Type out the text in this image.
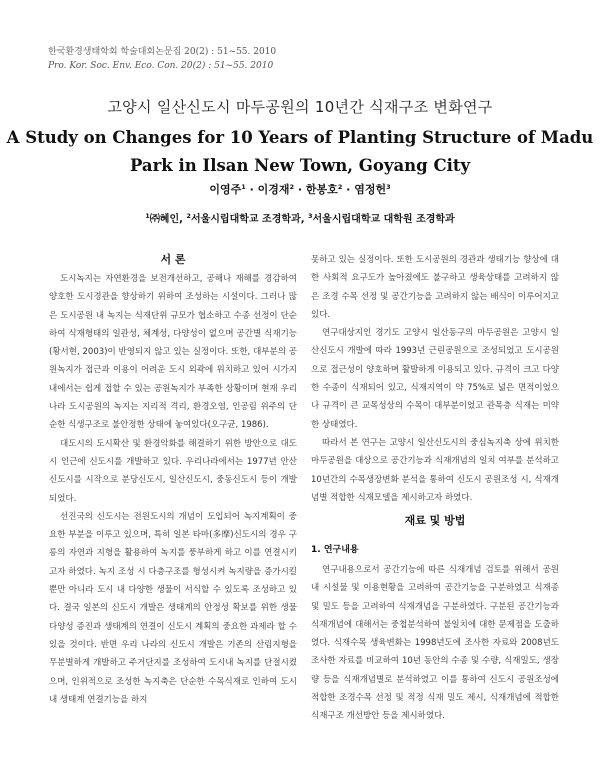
한국환경생태학회 학술대회논문집 20(2) : 51~55. 2010
Pro. Kor. Soc. Env. Eco. Con. 20(2) : 51~55. 2010
고양시 일산신도시 마두공원의 10년간 식재구조 변화연구
A Study on Changes for 10 Years of Planting Structure of Madu Park in Ilsan New Town, Goyang City
이영주$^1$ · 이경재$^2$ · 한봉호$^2$ · 염정헌$^3$
$^1$㈜혜인, $^2$서울시립대학교 조경학과, $^3$서울시립대학교 대학원 조경학과
서 론

도시녹지는 자연환경을 보전개선하고, 공해나 재해를 경감하여 양호한 도시경관을 향상하기 위하여 조성하는 시설이다. 그러나 많은 도시공원 내 녹지는 식재단위 규모가 협소하고 수종 선정이 단순하여 식재형태의 일관성, 체계성, 다양성이 없으며 공간별 식재기능(황서현, 2003)이 반영되지 않고 있는 실정이다. 또한, 대부분의 공원녹지가 접근과 이용이 어려운 도시 외곽에 위치하고 있어 시가지 내에서는 쉽게 접할 수 있는 공원녹지가 부족한 상황이며 현재 우리나라 도시공원의 녹지는 지리적 격리, 환경오염, 인공림 위주의 단순한 식생구조로 불안정한 상태에 놓여있다(오구균, 1986).

대도시의 도시확산 및 환경악화를 해결하기 위한 방안으로 대도시 인근에 신도시를 개발하고 있다. 우리나라에서는 1977년 안산신도시를 시작으로 분당신도시, 일산신도시, 중동신도시 등이 개발되었다.

선진국의 신도시는 전원도시의 개념이 도입되어 녹지계획이 중요한 부분을 이루고 있으며, 특히 일본 타마(多摩)신도시의 경우 구릉의 자연과 지형을 활용하여 녹지를 풍부하게 하고 이를 연결시키고자 하였다. 녹지 조성 시 다층구조를 형성시켜 녹지량을 증가시킬 뿐만 아니라 도시 내 다양한 생물이 서식할 수 있도록 조성하고 있다. 결국 일본의 신도시 개발은 생태계의 안정성 확보를 위한 생물다양성 증진과 생태계의 연결이 신도시 계획의 중요한 과제라 할 수 있을 것이다. 반면 우리 나라의 신도시 개발은 기존의 산림지형을 무분별하게 개발하고 주거단지를 조성하여 도시내 녹지를 단절시켰으며, 인위적으로 조성한 녹지축은 단순한 수목식재로 인하여 도시내 생태계 연결기능을 하지

못하고 있는 실정이다. 또한 도시공원의 경관과 생태기능 향상에 대한 사회적 요구도가 높아졌에도 불구하고 생육상태를 고려하지 않은 조경 수목 선정 및 공간기능을 고려하지 않는 배식이 이루어지고 있다.

연구대상지인 경기도 고양시 일산동구의 마두공원은 고양시 일산신도시 개발에 따라 1993년 근린공원으로 조성되었고 도시공원으로 접근성이 양호하며 활발하게 이용되고 있다. 규격이 크고 다양한 수종이 식재되어 있고, 식재지역이 약 75%로 넓은 면적이었으나 규격이 큰 교목성상의 수목이 대부분이었고 관목층 식재는 미약한 상태였다.

따라서 본 연구는 고양시 일산신도시의 중심녹지축 상에 위치한 마두공원을 대상으로 공간기능과 식재개념의 일치 여부를 분석하고 10년간의 수목생장변화 분석을 통하여 신도시 공원조성 시, 식재개념별 적합한 식재모델을 제시하고자 하였다.

재료 및 방법
1. 연구내용

연구내용으로서 공간기능에 따른 식재개념 검토를 위해서 공원내 시설물 및 이용현황을 고려하여 공간기능을 구분하였고 식재종 및 밀도 등을 고려하여 식재개념을 구분하였다. 구분된 공간기능과 식재개념에 대해서는 중첩분석하여 불일치에 대한 문제점을 도출하였다. 식재수목 생육변화는 1998년도에 조사한 자료와 2008년도 조사한 자료를 비교하여 10년 동안의 수종 및 수량, 식재밀도, 생장량 등을 식재개념별로 분석하였고 이를 통하여 신도시 공원조성에 적합한 조경수목 선정 및 적정 식재 밀도 제시, 식재개념에 적합한 식재구조 개선방안 등을 제시하였다.
